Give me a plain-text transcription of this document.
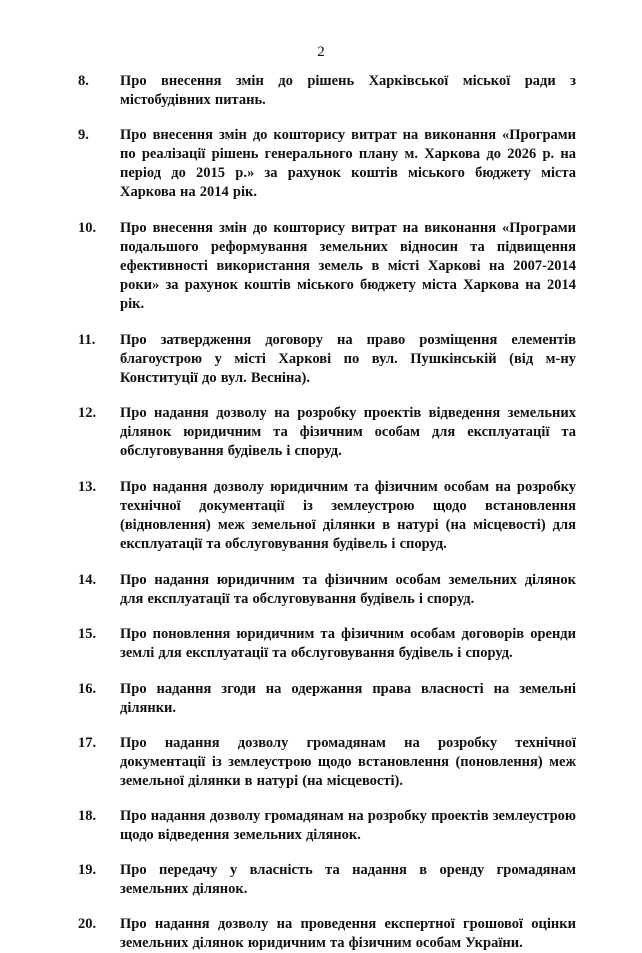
2
8.	Про внесення змін до рішень Харківської міської ради з містобудівних питань.
9.	Про внесення змін до кошторису витрат на виконання «Програми по реалізації рішень генерального плану м. Харкова до 2026 р. на період до 2015 р.» за рахунок коштів міського бюджету міста Харкова на 2014 рік.
10.	Про внесення змін до кошторису витрат на виконання «Програми подальшого реформування земельних відносин та підвищення ефективності використання земель в місті Харкові на 2007-2014 роки» за рахунок коштів міського бюджету міста Харкова на 2014 рік.
11.	Про затвердження договору на право розміщення елементів благоустрою у місті Харкові по вул. Пушкінській (від м-ну Конституції до вул. Весніна).
12.	Про надання дозволу на розробку проектів відведення земельних ділянок юридичним та фізичним особам для експлуатації та обслуговування будівель і споруд.
13.	Про надання дозволу юридичним та фізичним особам на розробку технічної документації із землеустрою щодо встановлення (відновлення) меж земельної ділянки в натурі (на місцевості) для експлуатації та обслуговування будівель і споруд.
14.	Про надання юридичним та фізичним особам земельних ділянок для експлуатації та обслуговування будівель і споруд.
15.	Про поновлення юридичним та фізичним особам договорів оренди землі для експлуатації та обслуговування будівель і споруд.
16.	Про надання згоди на одержання права власності на земельні ділянки.
17.	Про надання дозволу громадянам на розробку технічної документації із землеустрою щодо встановлення (поновлення) меж земельної ділянки в натурі (на місцевості).
18.	Про надання дозволу громадянам на розробку проектів землеустрою щодо відведення земельних ділянок.
19.	Про передачу у власність та надання в оренду громадянам земельних ділянок.
20.	Про надання дозволу на проведення експертної грошової оцінки земельних ділянок юридичним та фізичним особам України.
